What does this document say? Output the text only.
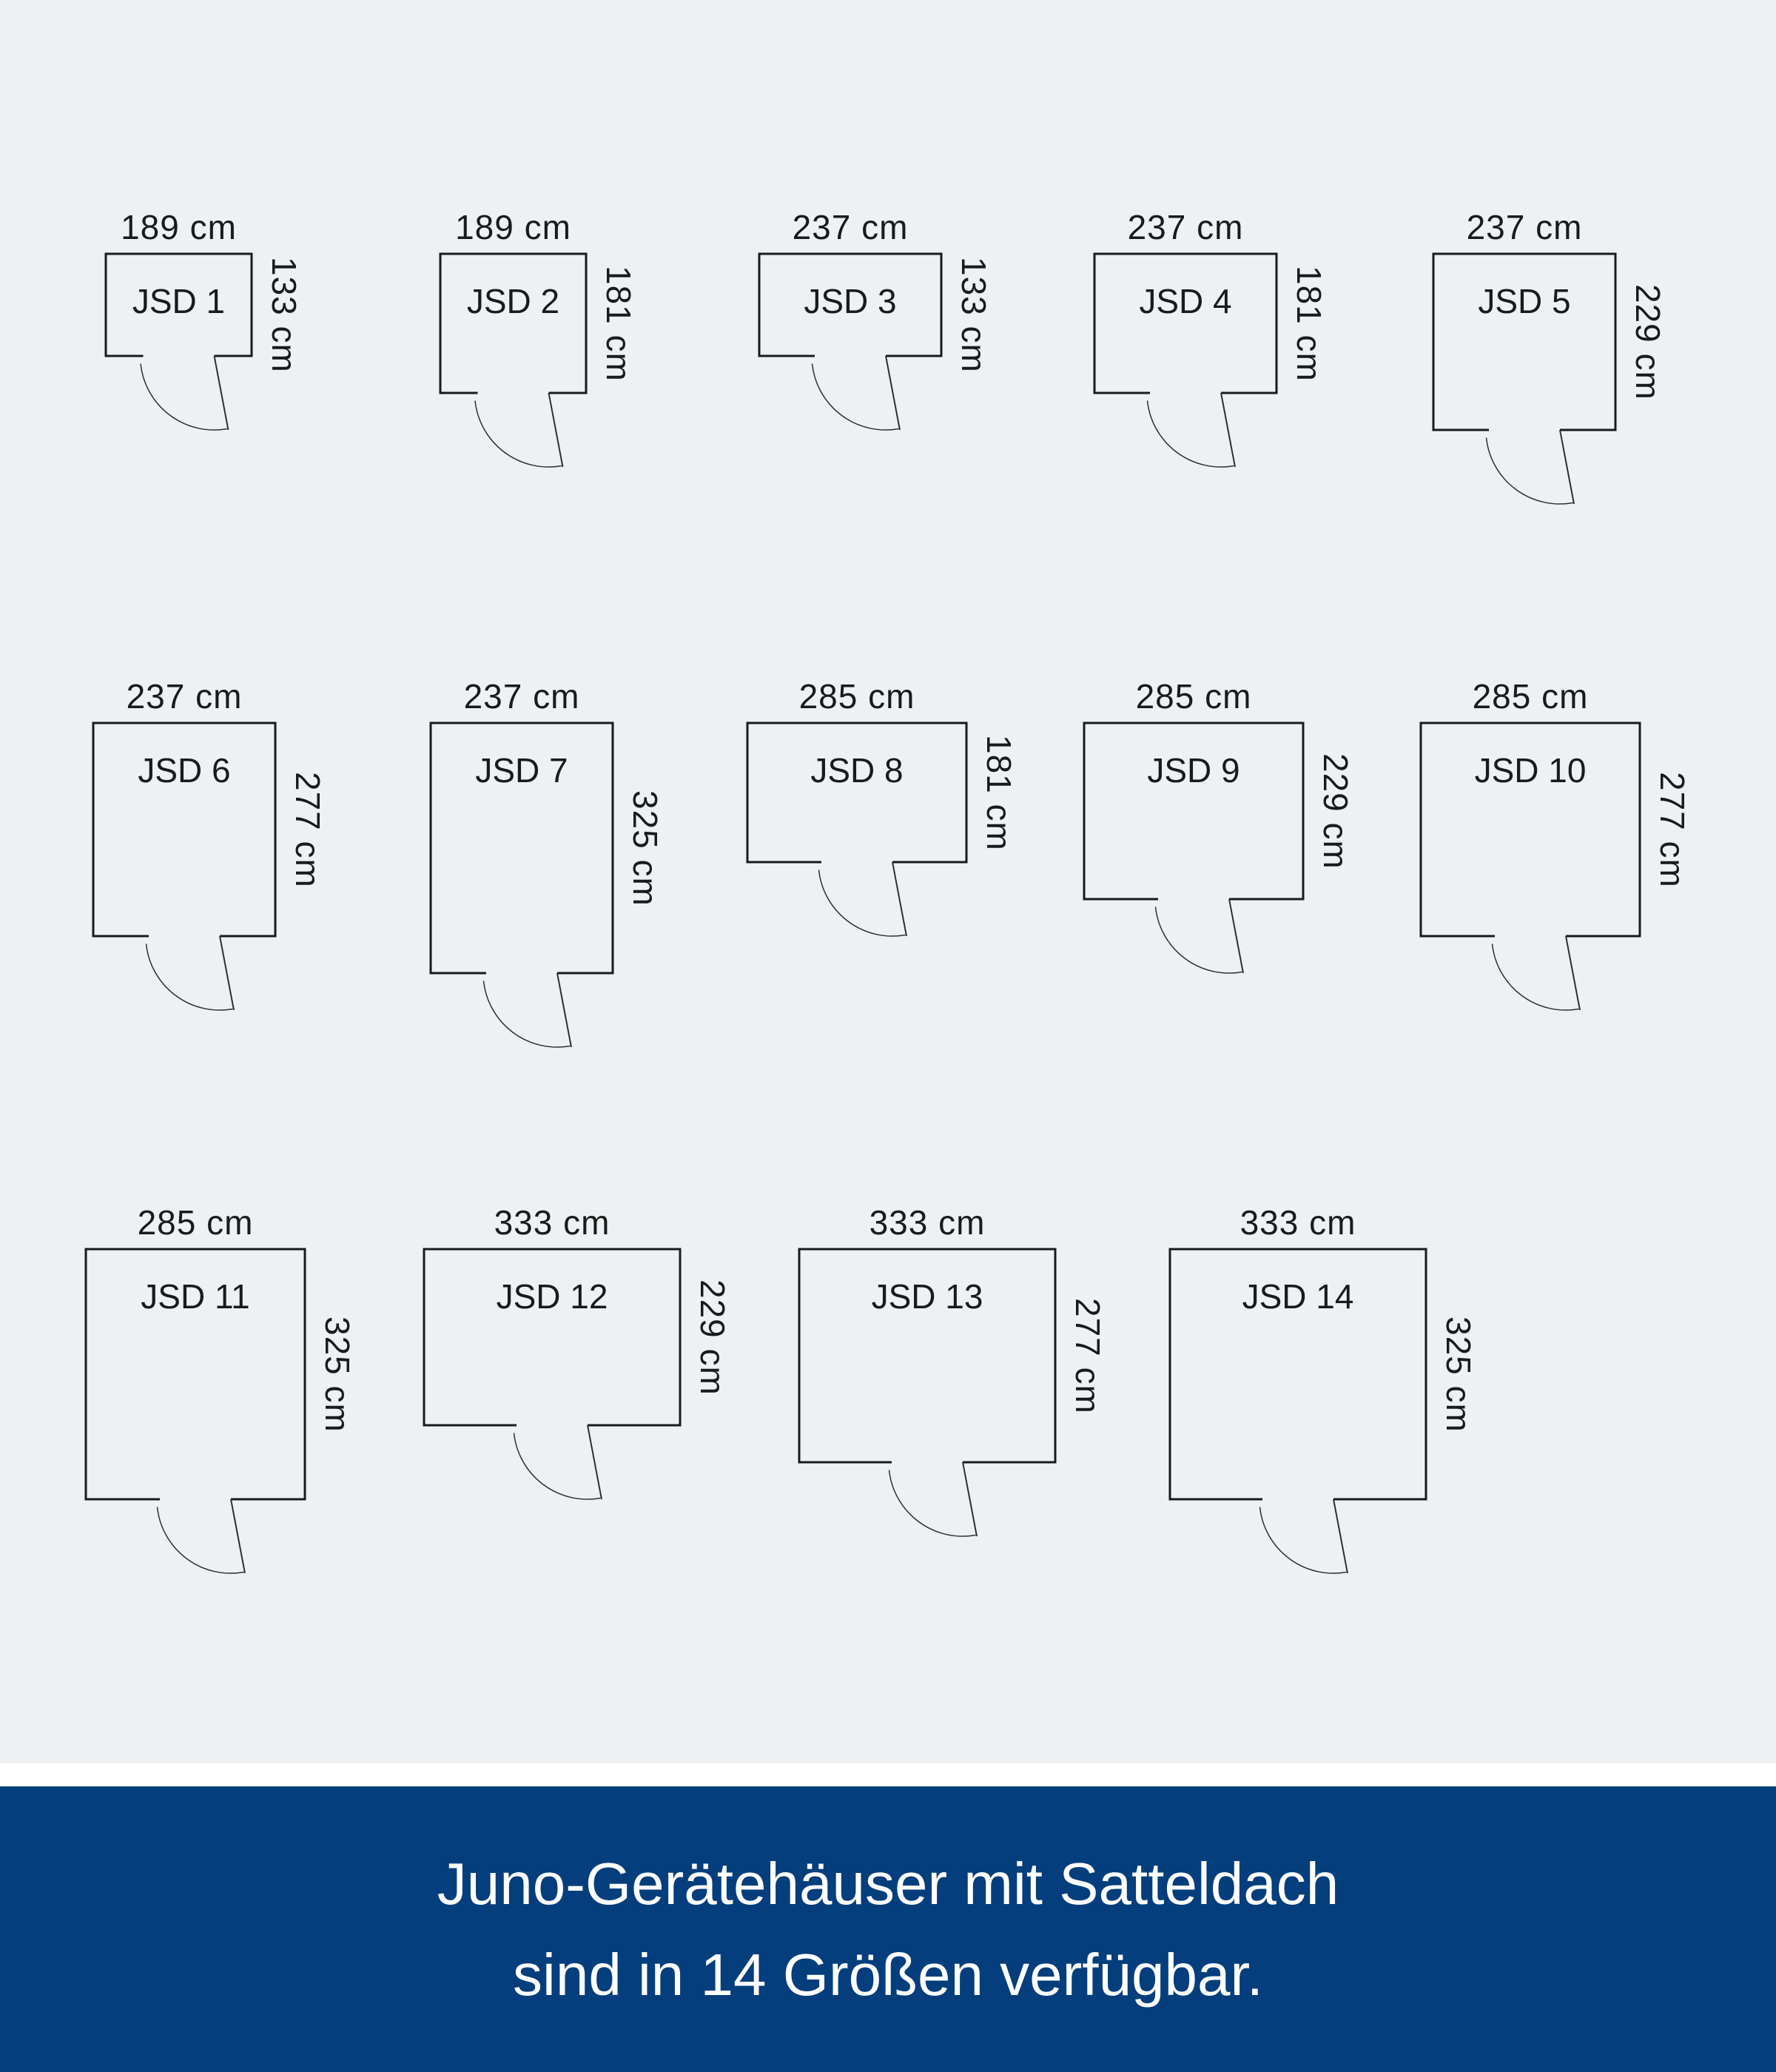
189 cm
JSD 1	133 cm
189 cm
JSD 2	181 cm
237 cm
JSD 3	133 cm
237 cm
JSD 4	181 cm
237 cm
JSD 5	229 cm
237 cm
JSD 6
277 cm
237 cm
JSD 7
325 cm
285 cm
JSD 8	181 cm
285 cm
JSD 9	229 cm
285 cm
JSD 10
277 cm
285 cm
JSD 11
325 cm
333 cm
JSD 12	229 cm
333 cm
JSD 13
277 cm
333 cm
JSD 14
325 cm
Juno-Gerätehäuser mit Satteldach
sind in 14 Größen verfügbar.
